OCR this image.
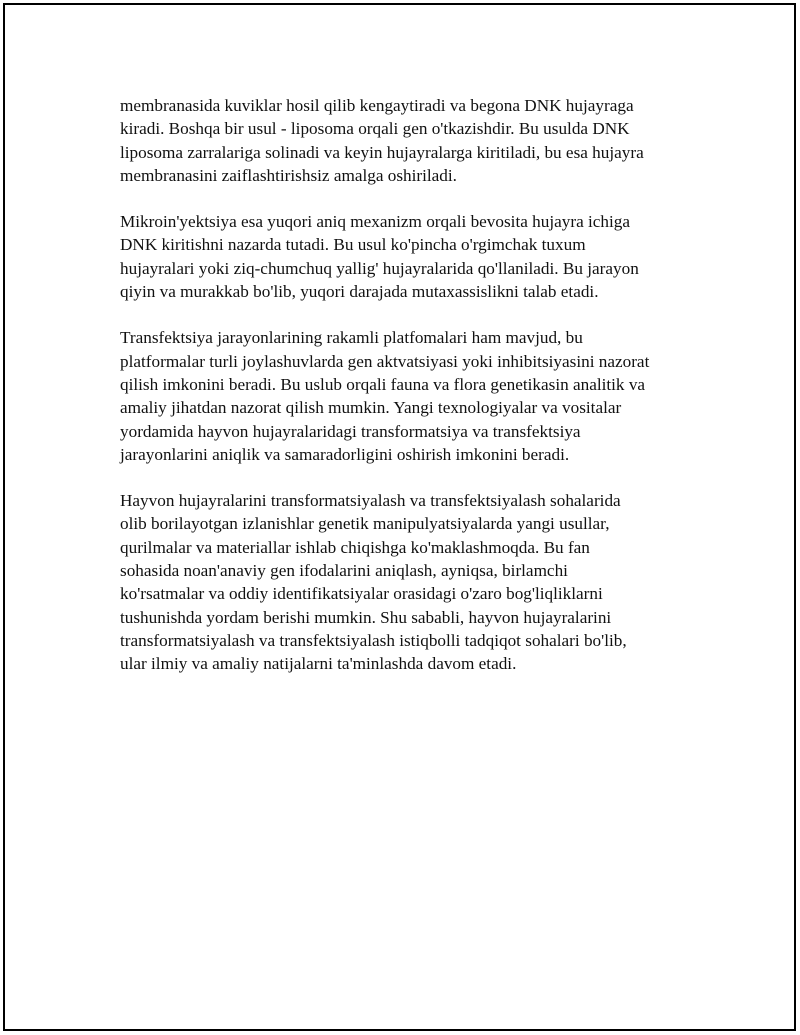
membranasida kuviklar hosil qilib kengaytiradi va begona DNK hujayraga
kiradi. Boshqa bir usul - liposoma orqali gen o'tkazishdir. Bu usulda DNK
liposoma zarralariga solinadi va keyin hujayralarga kiritiladi, bu esa hujayra
membranasini zaiflashtirishsiz amalga oshiriladi.

Mikroin'yektsiya esa yuqori aniq mexanizm orqali bevosita hujayra ichiga
DNK kiritishni nazarda tutadi. Bu usul ko'pincha o'rgimchak tuxum
hujayralari yoki ziq-chumchuq yallig' hujayralarida qo'llaniladi. Bu jarayon
qiyin va murakkab bo'lib, yuqori darajada mutaxassislikni talab etadi.

Transfektsiya jarayonlarining rakamli platfomalari ham mavjud, bu
platformalar turli joylashuvlarda gen aktvatsiyasi yoki inhibitsiyasini nazorat
qilish imkonini beradi. Bu uslub orqali fauna va flora genetikasin analitik va
amaliy jihatdan nazorat qilish mumkin. Yangi texnologiyalar va vositalar
yordamida hayvon hujayralaridagi transformatsiya va transfektsiya
jarayonlarini aniqlik va samaradorligini oshirish imkonini beradi.

Hayvon hujayralarini transformatsiyalash va transfektsiyalash sohalarida
olib borilayotgan izlanishlar genetik manipulyatsiyalarda yangi usullar,
qurilmalar va materiallar ishlab chiqishga ko'maklashmoqda. Bu fan
sohasida noan'anaviy gen ifodalarini aniqlash, ayniqsa, birlamchi
ko'rsatmalar va oddiy identifikatsiyalar orasidagi o'zaro bog'liqliklarni
tushunishda yordam berishi mumkin. Shu sababli, hayvon hujayralarini
transformatsiyalash va transfektsiyalash istiqbolli tadqiqot sohalari bo'lib,
ular ilmiy va amaliy natijalarni ta'minlashda davom etadi.
